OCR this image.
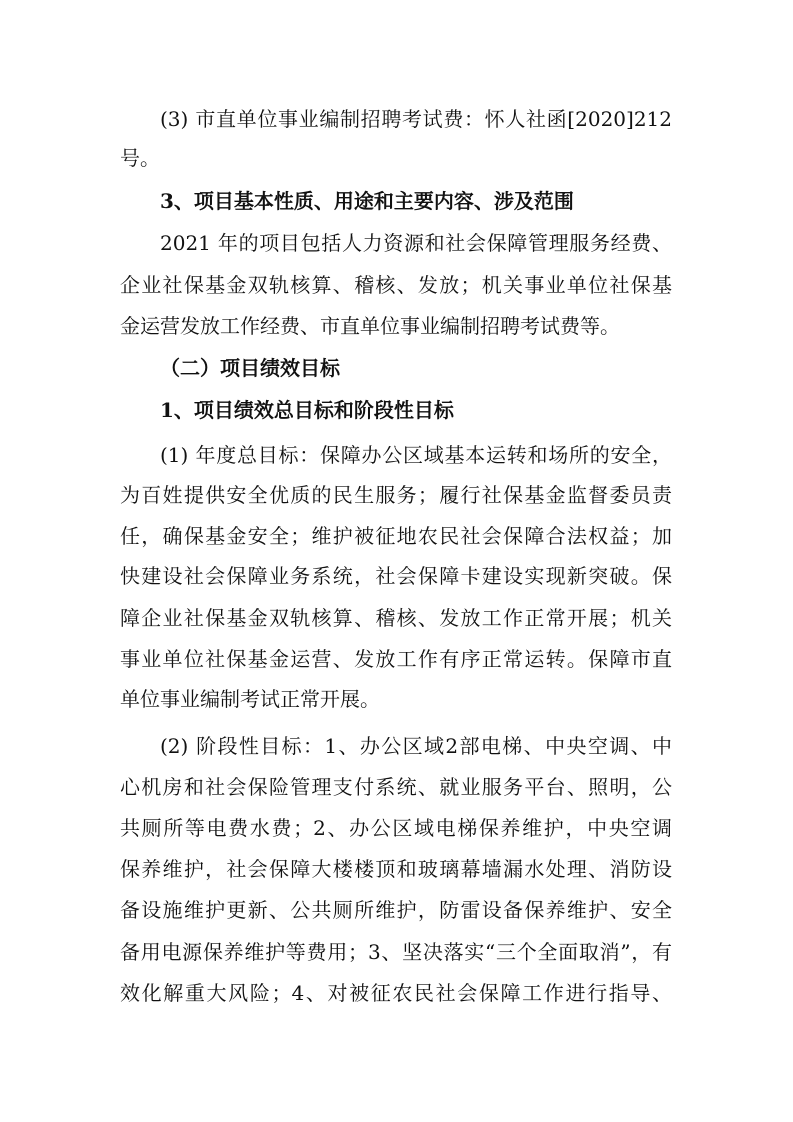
(3) 市直单位事业编制招聘考试费：怀人社函[2020]212
号。
3、项目基本性质、用途和主要内容、涉及范围
2021 年的项目包括人力资源和社会保障管理服务经费、
企业社保基金双轨核算、稽核、发放；机关事业单位社保基
金运营发放工作经费、市直单位事业编制招聘考试费等。
（二）项目绩效目标
1、项目绩效总目标和阶段性目标
(1) 年度总目标：保障办公区域基本运转和场所的安全，
为百姓提供安全优质的民生服务；履行社保基金监督委员责
任，确保基金安全；维护被征地农民社会保障合法权益；加
快建设社会保障业务系统，社会保障卡建设实现新突破。保
障企业社保基金双轨核算、稽核、发放工作正常开展；机关
事业单位社保基金运营、发放工作有序正常运转。保障市直
单位事业编制考试正常开展。
(2) 阶段性目标：1、办公区域2部电梯、中央空调、中
心机房和社会保险管理支付系统、就业服务平台、照明，公
共厕所等电费水费；2、办公区域电梯保养维护，中央空调
保养维护，社会保障大楼楼顶和玻璃幕墙漏水处理、消防设
备设施维护更新、公共厕所维护，防雷设备保养维护、安全
备用电源保养维护等费用；3、坚决落实“三个全面取消”，有
效化解重大风险；4、对被征农民社会保障工作进行指导、
